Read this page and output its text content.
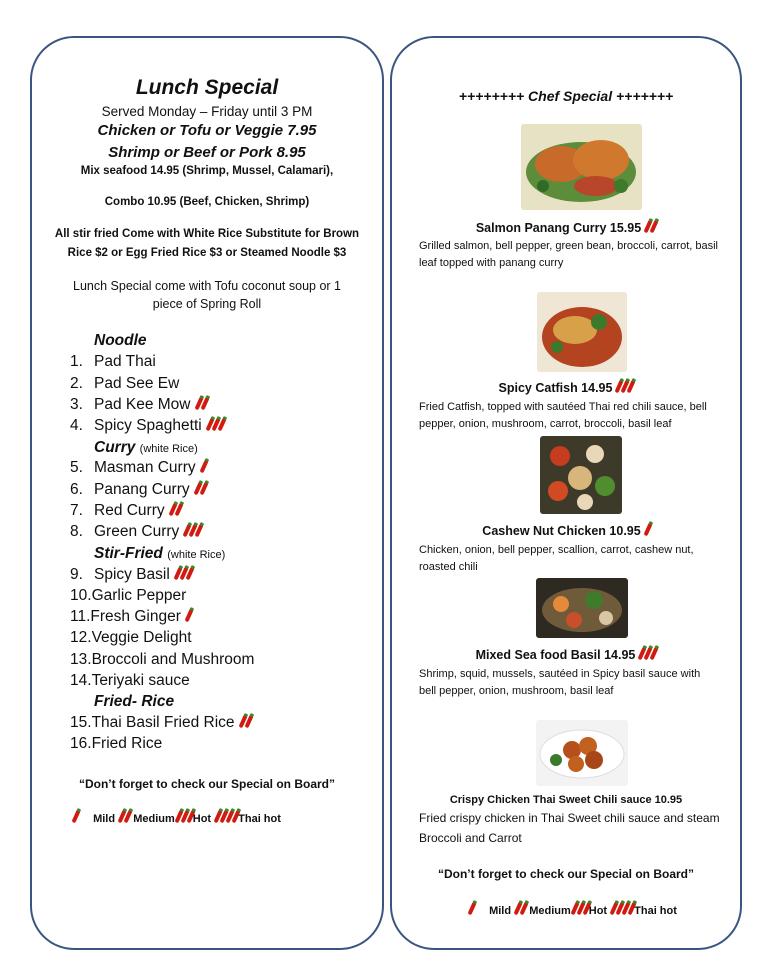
Lunch Special
Served Monday – Friday until 3 PM
Chicken or Tofu or Veggie 7.95
Shrimp or Beef or Pork 8.95
Mix seafood 14.95 (Shrimp, Mussel, Calamari),
Combo 10.95 (Beef, Chicken, Shrimp)
All stir fried Come with White Rice Substitute for Brown
Rice $2 or Egg Fried Rice $3 or Steamed Noodle $3
Lunch Special come with Tofu coconut soup or 1
piece of Spring Roll
Noodle
Curry (white Rice)
Stir-Fried (white Rice)
Fried- Rice
1. Pad Thai
2. Pad See Ew
3. Pad Kee Mow
4. Spicy Spaghetti
5. Masman Curry
6. Panang Curry
7. Red Curry
8. Green Curry
9. Spicy Basil
10.Garlic Pepper
11.Fresh Ginger
12.Veggie Delight
13.Broccoli and Mushroom
14.Teriyaki sauce
15.Thai Basil Fried Rice
16.Fried Rice
“Don’t forget to check our Special on Board”
Mild Medium Hot Thai hot
++++++++ Chef Special +++++++
Salmon Panang Curry 15.95
Grilled salmon, bell pepper, green bean, broccoli, carrot, basil leaf topped with panang curry
Spicy Catfish 14.95
Fried Catfish, topped with sautéed Thai red chili sauce, bell pepper, onion, mushroom, carrot, broccoli, basil leaf
Cashew Nut Chicken 10.95
Chicken, onion, bell pepper, scallion, carrot, cashew nut, roasted chili
Mixed Sea food Basil 14.95
Shrimp, squid, mussels, sautéed in Spicy basil sauce with bell pepper, onion, mushroom, basil leaf
Crispy Chicken Thai Sweet Chili sauce 10.95
Fried crispy chicken in Thai Sweet chili sauce and steam Broccoli and Carrot
“Don’t forget to check our Special on Board”
Mild Medium Hot Thai hot
